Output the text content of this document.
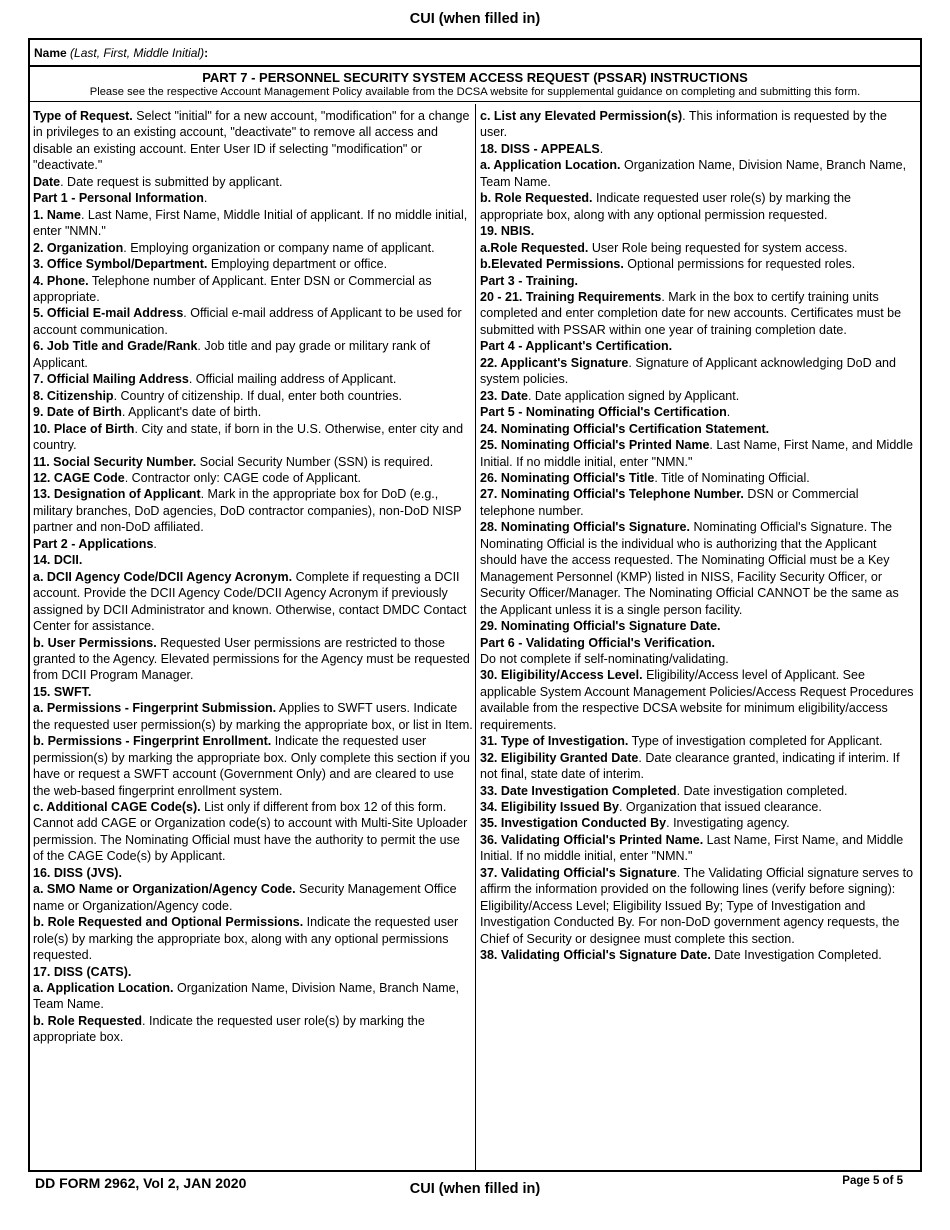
CUI (when filled in)
Name (Last, First, Middle Initial):
PART 7 - PERSONNEL SECURITY SYSTEM ACCESS REQUEST (PSSAR) INSTRUCTIONS
Please see the respective Account Management Policy available from the DCSA website for supplemental guidance on completing and submitting this form.
Type of Request. Select "initial" for a new account, "modification" for a change in privileges to an existing account, "deactivate" to remove all access and disable an existing account. Enter User ID if selecting "modification" or "deactivate."
Date. Date request is submitted by applicant.
Part 1 - Personal Information.
1. Name. Last Name, First Name, Middle Initial of applicant. If no middle initial, enter "NMN."
2. Organization. Employing organization or company name of applicant.
3. Office Symbol/Department. Employing department or office.
4. Phone. Telephone number of Applicant. Enter DSN or Commercial as appropriate.
5. Official E-mail Address. Official e-mail address of Applicant to be used for account communication.
6. Job Title and Grade/Rank. Job title and pay grade or military rank of Applicant.
7. Official Mailing Address. Official mailing address of Applicant.
8. Citizenship. Country of citizenship. If dual, enter both countries.
9. Date of Birth. Applicant's date of birth.
10. Place of Birth. City and state, if born in the U.S. Otherwise, enter city and country.
11. Social Security Number. Social Security Number (SSN) is required.
12. CAGE Code. Contractor only: CAGE code of Applicant.
13. Designation of Applicant. Mark in the appropriate box for DoD (e.g., military branches, DoD agencies, DoD contractor companies), non-DoD NISP partner and non-DoD affiliated.
Part 2 - Applications.
14. DCII.
a. DCII Agency Code/DCII Agency Acronym. Complete if requesting a DCII account. Provide the DCII Agency Code/DCII Agency Acronym if previously assigned by DCII Administrator and known. Otherwise, contact DMDC Contact Center for assistance.
b. User Permissions. Requested User permissions are restricted to those granted to the Agency. Elevated permissions for the Agency must be requested from DCII Program Manager.
15. SWFT.
a. Permissions - Fingerprint Submission. Applies to SWFT users. Indicate the requested user permission(s) by marking the appropriate box, or list in Item.
b. Permissions - Fingerprint Enrollment. Indicate the requested user permission(s) by marking the appropriate box. Only complete this section if you have or request a SWFT account (Government Only) and are cleared to use the web-based fingerprint enrollment system.
c. Additional CAGE Code(s). List only if different from box 12 of this form. Cannot add CAGE or Organization code(s) to account with Multi-Site Uploader permission. The Nominating Official must have the authority to permit the use of the CAGE Code(s) by Applicant.
16. DISS (JVS).
a. SMO Name or Organization/Agency Code. Security Management Office name or Organization/Agency code.
b. Role Requested and Optional Permissions. Indicate the requested user role(s) by marking the appropriate box, along with any optional permissions requested.
17. DISS (CATS).
a. Application Location. Organization Name, Division Name, Branch Name, Team Name.
b. Role Requested. Indicate the requested user role(s) by marking the appropriate box.
c. List any Elevated Permission(s). This information is requested by the user.
18. DISS - APPEALS.
a. Application Location. Organization Name, Division Name, Branch Name, Team Name.
b. Role Requested. Indicate requested user role(s) by marking the appropriate box, along with any optional permission requested.
19. NBIS.
a.Role Requested. User Role being requested for system access.
b.Elevated Permissions. Optional permissions for requested roles.
Part 3 - Training.
20 - 21. Training Requirements. Mark in the box to certify training units completed and enter completion date for new accounts. Certificates must be submitted with PSSAR within one year of training completion date.
Part 4 - Applicant's Certification.
22. Applicant's Signature. Signature of Applicant acknowledging DoD and system policies.
23. Date. Date application signed by Applicant.
Part 5 - Nominating Official's Certification.
24. Nominating Official's Certification Statement.
25. Nominating Official's Printed Name. Last Name, First Name, and Middle Initial. If no middle initial, enter "NMN."
26. Nominating Official's Title. Title of Nominating Official.
27. Nominating Official's Telephone Number. DSN or Commercial telephone number.
28. Nominating Official's Signature. Nominating Official's Signature. The Nominating Official is the individual who is authorizing that the Applicant should have the access requested. The Nominating Official must be a Key Management Personnel (KMP) listed in NISS, Facility Security Officer, or Security Officer/Manager. The Nominating Official CANNOT be the same as the Applicant unless it is a single person facility.
29. Nominating Official's Signature Date.
Part 6 - Validating Official's Verification.
Do not complete if self-nominating/validating.
30. Eligibility/Access Level. Eligibility/Access level of Applicant. See applicable System Account Management Policies/Access Request Procedures available from the respective DCSA website for minimum eligibility/access requirements.
31. Type of Investigation. Type of investigation completed for Applicant.
32. Eligibility Granted Date. Date clearance granted, indicating if interim. If not final, state date of interim.
33. Date Investigation Completed. Date investigation completed.
34. Eligibility Issued By. Organization that issued clearance.
35. Investigation Conducted By. Investigating agency.
36. Validating Official's Printed Name. Last Name, First Name, and Middle Initial. If no middle initial, enter "NMN."
37. Validating Official's Signature. The Validating Official signature serves to affirm the information provided on the following lines (verify before signing): Eligibility/Access Level; Eligibility Issued By; Type of Investigation and Investigation Conducted By. For non-DoD government agency requests, the Chief of Security or designee must complete this section.
38. Validating Official's Signature Date. Date Investigation Completed.
DD FORM 2962, Vol 2, JAN 2020	CUI (when filled in)	Page 5 of 5
